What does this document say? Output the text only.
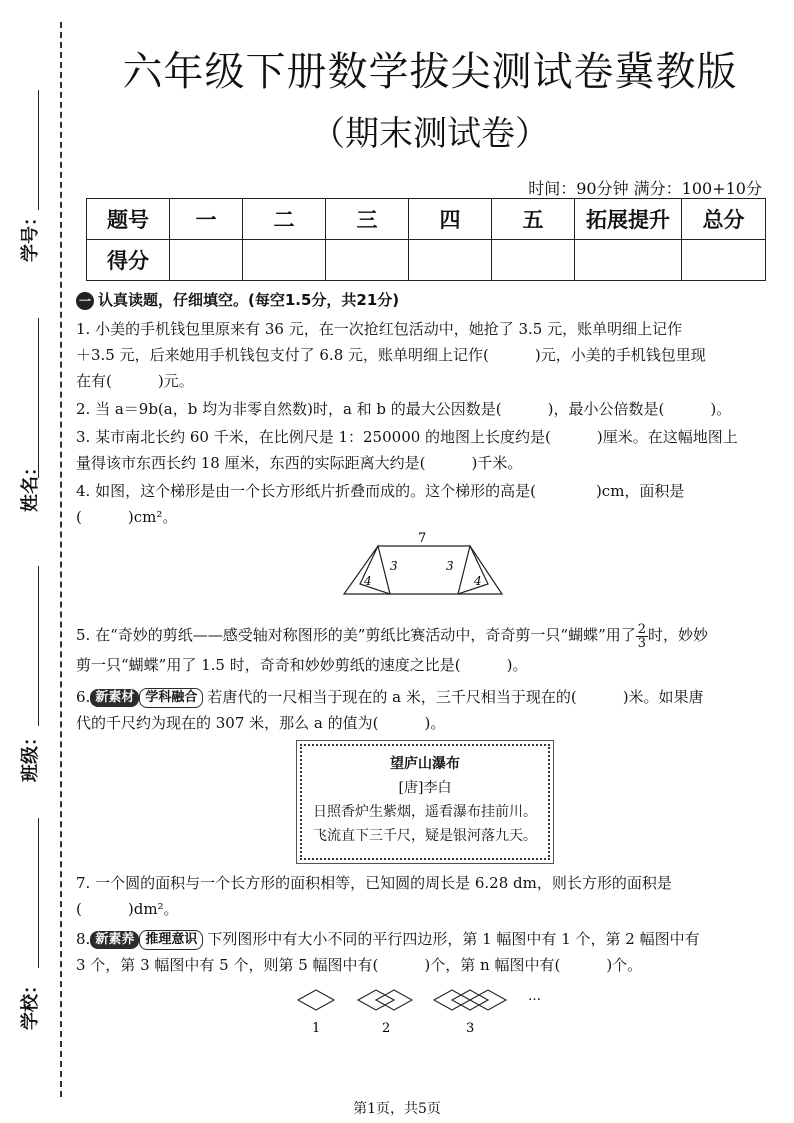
学号：
姓名：
班级：
学校：
六年级下册数学拔尖测试卷冀教版
（期末测试卷）
时间：90分钟 满分：100+10分
题号	一	二	三	四	五	拓展提升	总分
得分							
一 认真读题，仔细填空。(每空1.5分，共21分)
1. 小美的手机钱包里原来有 36 元，在一次抢红包活动中，她抢了 3.5 元，账单明细上记作
＋3.5 元，后来她用手机钱包支付了 6.8 元，账单明细上记作(	)元，小美的手机钱包里现
在有(	)元。
2. 当 a＝9b(a，b 均为非零自然数)时，a 和 b 的最大公因数是(	)，最小公倍数是(	)。
3. 某市南北长约 60 千米，在比例尺是 1：250000 的地图上长度约是(	)厘米。在这幅地图上
量得该市东西长约 18 厘米，东西的实际距离大约是(	)千米。
4. 如图，这个梯形是由一个长方形纸片折叠而成的。这个梯形的高是(	)cm，面积是
(	)cm²。
7
4
3	3
4
5. 在“奇妙的剪纸——感受轴对称图形的美”剪纸比赛活动中，奇奇剪一只“蝴蝶”用了 $\frac{2}{3}$ 时，妙妙
剪一只“蝴蝶”用了 1.5 时，奇奇和妙妙剪纸的速度之比是(	)。
6. 新素材 学科融合 若唐代的一尺相当于现在的 a 米，三千尺相当于现在的(	)米。如果唐
代的千尺约为现在的 307 米，那么 a 的值为(	)。
望庐山瀑布
[唐]李白
日照香炉生紫烟，遥看瀑布挂前川。
飞流直下三千尺，疑是银河落九天。
7. 一个圆的面积与一个长方形的面积相等，已知圆的周长是 6.28 dm，则长方形的面积是
(	)dm²。
8. 新素养 推理意识 下列图形中有大小不同的平行四边形，第 1 幅图中有 1 个，第 2 幅图中有
3 个，第 3 幅图中有 5 个，则第 5 幅图中有(	)个，第 n 幅图中有(	)个。
…
1	2	3
第1页，共5页
